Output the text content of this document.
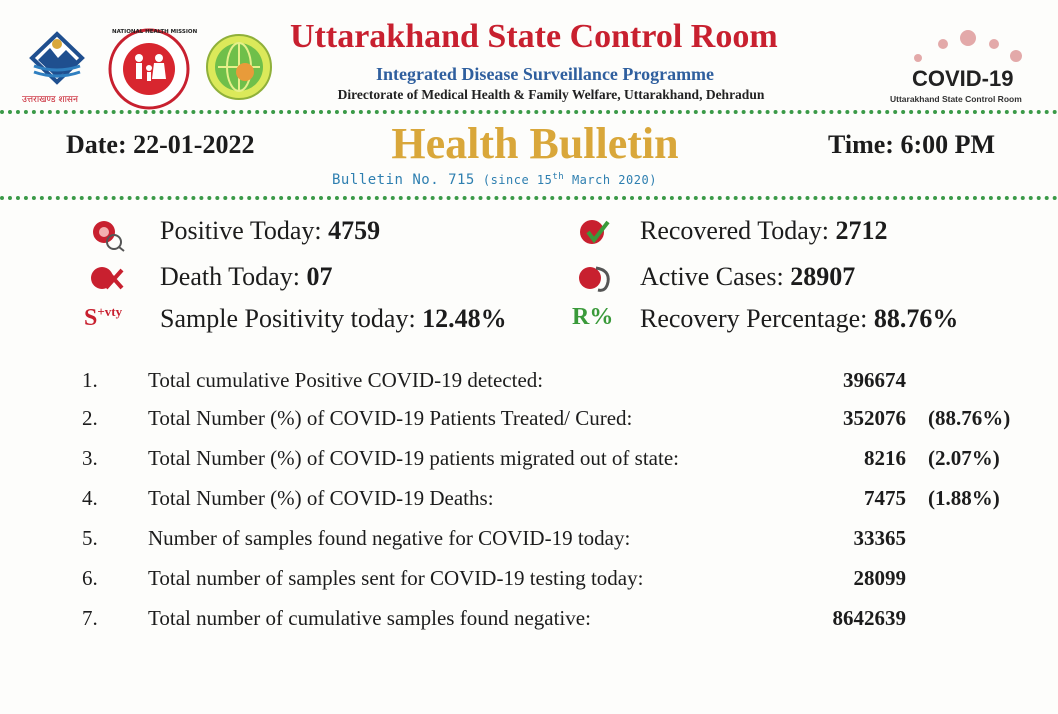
उत्तराखण्ड शासन
NATIONAL HEALTH MISSION	Uttarakhand State Control Room
Integrated Disease Surveillance Programme
Directorate of Medical Health & Family Welfare, Uttarakhand, Dehradun
COVID-19
Uttarakhand State Control Room
Date: 22-01-2022	Health Bulletin	Time: 6:00 PM
Bulletin No. 715 (since 15th March 2020)
Positive Today: 4759	Recovered Today: 2712
Death Today: 07	Active Cases: 28907
$S^{+vty}$ Sample Positivity today: 12.48%	R% Recovery Percentage: 88.76%
1. Total cumulative Positive COVID-19 detected:	396674
2. Total Number (%) of COVID-19 Patients Treated/ Cured:	352076 (88.76%)
3. Total Number (%) of COVID-19 patients migrated out of state:	8216 (2.07%)
4. Total Number (%) of COVID-19 Deaths:	7475 (1.88%)
5. Number of samples found negative for COVID-19 today:	33365
6. Total number of samples sent for COVID-19 testing today:	28099
7. Total number of cumulative samples found negative:	8642639
